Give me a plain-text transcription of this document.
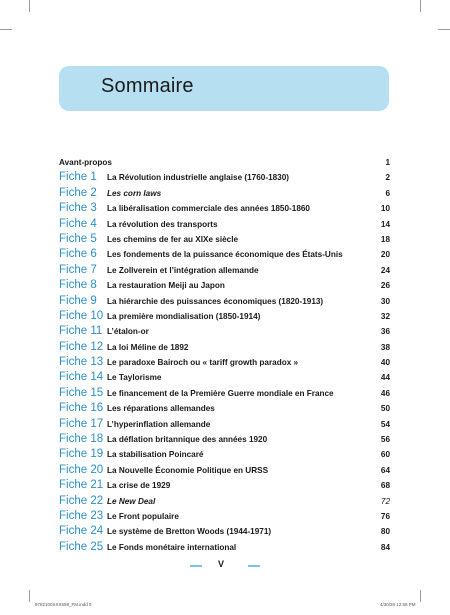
Sommaire
Avant-propos	1
Fiche 1	La Révolution industrielle anglaise (1760-1830)	2
Fiche 2	Les corn laws	6
Fiche 3	La libéralisation commerciale des années 1850-1860	10
Fiche 4	La révolution des transports	14
Fiche 5	Les chemins de fer au XIXe siècle	18
Fiche 6	Les fondements de la puissance économique des États-Unis	20
Fiche 7	Le Zollverein et l’intégration allemande	24
Fiche 8	La restauration Meiji au Japon	26
Fiche 9	La hiérarchie des puissances économiques (1820-1913)	30
Fiche 10 La première mondialisation (1850-1914)	32
Fiche 11 L’étalon-or	36
Fiche 12 La loi Méline de 1892	38
Fiche 13 Le paradoxe Bairoch ou « tariff growth paradox »	40
Fiche 14 Le Taylorisme	44
Fiche 15 Le financement de la Première Guerre mondiale en France	46
Fiche 16 Les réparations allemandes	50
Fiche 17 L’hyperinflation allemande	54
Fiche 18 La déflation britannique des années 1920	56
Fiche 19 La stabilisation Poincaré	60
Fiche 20 La Nouvelle Économie Politique en URSS	64
Fiche 21 La crise de 1929	68
Fiche 22 Le New Deal	72
Fiche 23 Le Front populaire	76
Fiche 24 Le système de Bretton Woods (1944-1971)	80
Fiche 25 Le Fonds monétaire international	84
V
9782100XXX559_FM.indd 5	4/30/26 12:58 PM
